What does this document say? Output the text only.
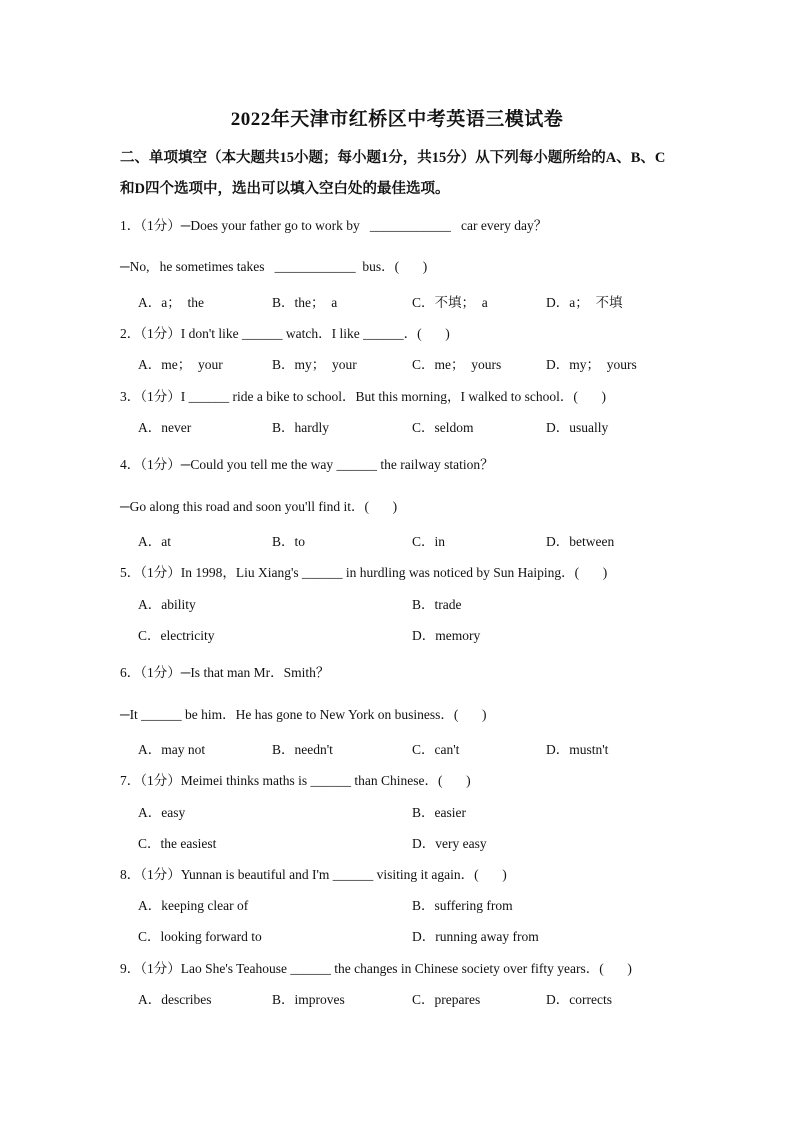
2022年天津市红桥区中考英语三模试卷
二、单项填空（本大题共15小题；每小题1分，共15分）从下列每小题所给的A、B、C
和D四个选项中，选出可以填入空白处的最佳选项。
1．（1分）─Does your father go to work by   ____________   car every day？
─No,   he sometimes takes   ____________  bus．(       )
A．a；  the	B．the；  a	C．不填；  a	D．a；  不填
2．（1分）I don't like ______ watch．I like ______．(       )
A．me；  your	B．my；  your	C．me；  yours	D．my；  yours
3．（1分）I ______ ride a bike to school．But this morning，I walked to school．(       )
A．never	B．hardly	C．seldom	D．usually
4．（1分）─Could you tell me the way ______ the railway station？
─Go along this road and soon you'll find it．(       )
A．at	B．to	C．in	D．between
5．（1分）In 1998，Liu Xiang's ______ in hurdling was noticed by Sun Haiping．(       )
A．ability	B．trade
C．electricity	D．memory
6．（1分）─Is that man Mr．Smith？
─It ______ be him．He has gone to New York on business．(       )
A．may not	B．needn't	C．can't	D．mustn't
7．（1分）Meimei thinks maths is ______ than Chinese．(       )
A．easy	B．easier
C．the easiest	D．very easy
8．（1分）Yunnan is beautiful and I'm ______ visiting it again．(       )
A．keeping clear of	B．suffering from
C．looking forward to	D．running away from
9．（1分）Lao She's Teahouse ______ the changes in Chinese society over fifty years．(       )
A．describes	B．improves	C．prepares	D．corrects
